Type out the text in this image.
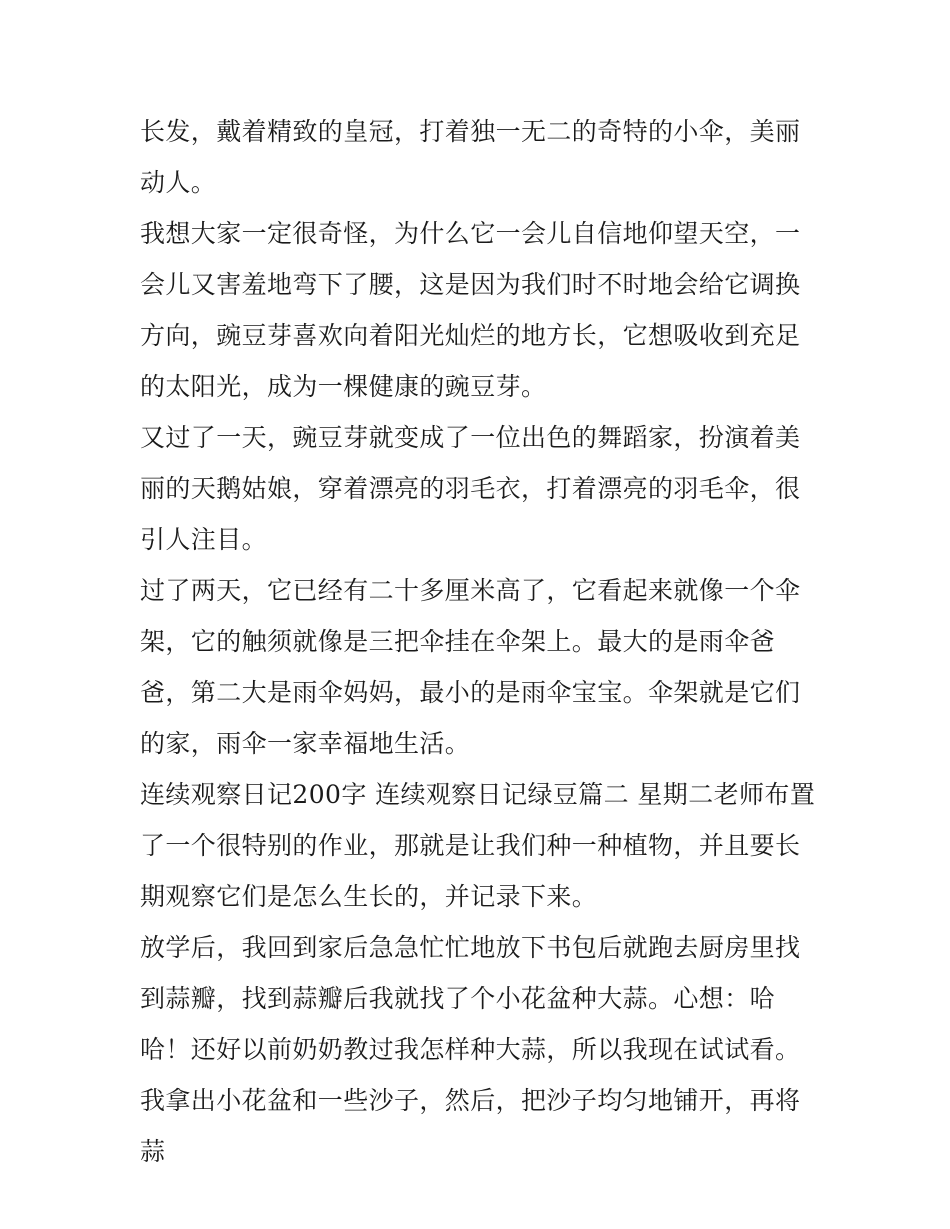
长发，戴着精致的皇冠，打着独一无二的奇特的小伞，美丽动人。

我想大家一定很奇怪，为什么它一会儿自信地仰望天空，一会儿又害羞地弯下了腰，这是因为我们时不时地会给它调换方向，豌豆芽喜欢向着阳光灿烂的地方长，它想吸收到充足的太阳光，成为一棵健康的豌豆芽。

又过了一天，豌豆芽就变成了一位出色的舞蹈家，扮演着美丽的天鹅姑娘，穿着漂亮的羽毛衣，打着漂亮的羽毛伞，很引人注目。

过了两天，它已经有二十多厘米高了，它看起来就像一个伞架，它的触须就像是三把伞挂在伞架上。最大的是雨伞爸爸，第二大是雨伞妈妈，最小的是雨伞宝宝。伞架就是它们的家，雨伞一家幸福地生活。

连续观察日记200字 连续观察日记绿豆篇二 星期二老师布置了一个很特别的作业，那就是让我们种一种植物，并且要长期观察它们是怎么生长的，并记录下来。

放学后，我回到家后急急忙忙地放下书包后就跑去厨房里找到蒜瓣，找到蒜瓣后我就找了个小花盆种大蒜。心想：哈哈！还好以前奶奶教过我怎样种大蒜，所以我现在试试看。

我拿出小花盆和一些沙子，然后，把沙子均匀地铺开，再将蒜
